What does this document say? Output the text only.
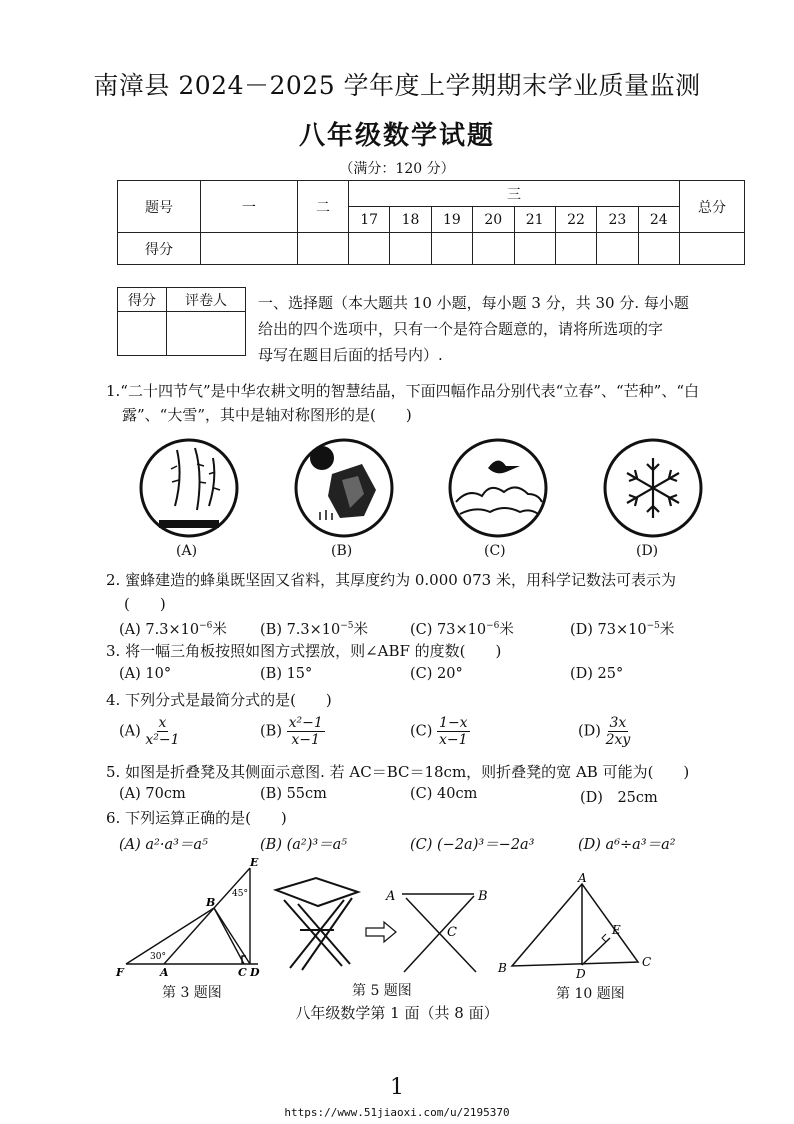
南漳县 2024－2025 学年度上学期期末学业质量监测
八年级数学试题
（满分：120 分）
题号	一	二	三								总分
			17	18	19	20	21	22	23	24	
得分											
得分	评卷人
	一、选择题（本大题共 10 小题，每小题 3 分，共 30 分. 每小题
给出的四个选项中，只有一个是符合题意的，请将所选项的字
母写在题目后面的括号内）.
1.“二十四节气”是中华农耕文明的智慧结晶，下面四幅作品分别代表“立春”、“芒种”、“白
露”、“大雪”，其中是轴对称图形的是(　　)
(A)	(B)	(C)	(D)
2. 蜜蜂建造的蜂巢既坚固又省料，其厚度约为 0.000 073 米，用科学记数法可表示为
(　　)
(A) $7.3\times 10^{-6}$米 (B) $7.3\times 10^{-5}$米	(C) $73\times 10^{-6}$米	(D) $73\times 10^{-5}$米
3. 将一幅三角板按照如图方式摆放，则∠ABF 的度数(　　)
(A) 10°	(B) 15°	(C) 20°	(D) 25°
4. 下列分式是最简分式的是(　　)
$(A) \frac{x}{\text{x²−1}}$	$(B) \frac{\text{x²−1}}{x-1}$	$(C) \frac{1-x}{x-1}$	$(D) \frac{3x}{2xy}$
5. 如图是折叠凳及其侧面示意图. 若 AC＝BC＝18cm，则折叠凳的宽 AB 可能为(　　)
(A) 70cm	(B) 55cm	(C) 40cm	(D)　25cm
6. 下列运算正确的是(　　)
(A) a²·a³＝a⁵	(B) (a²)³＝a⁵	(C) (−2a)³＝−2a³	(D) a⁶÷a³＝a²
E
B
45°
30°
F	A	C D
第 3 题图
A	B
C
第 5 题图
A
E
B	D
C
第 10 题图
八年级数学第 1 面（共 8 面）
1
https://www.51jiaoxi.com/u/2195370
